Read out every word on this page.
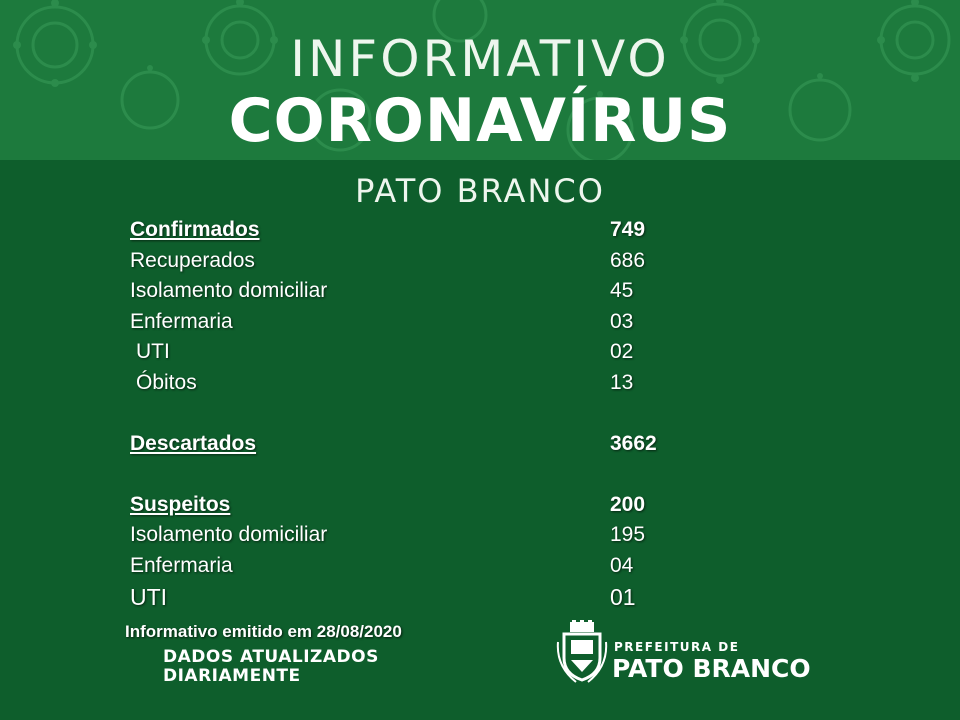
INFORMATIVO
CORONAVÍRUS
PATO BRANCO
Confirmados	749
Recuperados	686
Isolamento domiciliar	45
Enfermaria	03
UTI	02
Óbitos	13
Descartados	3662
Suspeitos	200
Isolamento domiciliar	195
Enfermaria	04
UTI	01
Informativo emitido em 28/08/2020
DADOS ATUALIZADOS
DIARIAMENTE
PREFEITURA DE
PATO BRANCO
